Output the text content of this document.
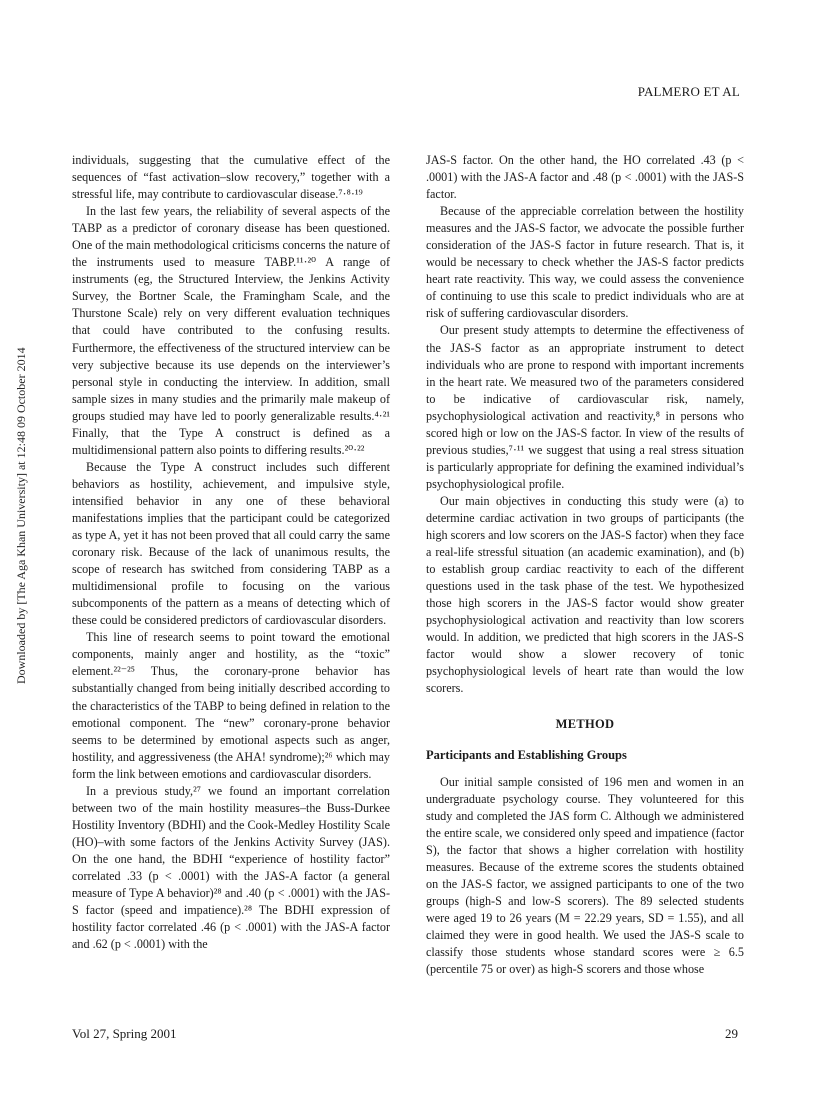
PALMERO ET AL
Downloaded by [The Aga Khan University] at 12:48 09 October 2014

individuals, suggesting that the cumulative effect of the sequences of “fast activation–slow recovery,” together with a stressful life, may contribute to cardiovascular disease.⁷·⁸·¹⁹

In the last few years, the reliability of several aspects of the TABP as a predictor of coronary disease has been questioned. One of the main methodological criticisms concerns the nature of the instruments used to measure TABP.¹¹·²⁰ A range of instruments (eg, the Structured Interview, the Jenkins Activity Survey, the Bortner Scale, the Framingham Scale, and the Thurstone Scale) rely on very different evaluation techniques that could have contributed to the confusing results. Furthermore, the effectiveness of the structured interview can be very subjective because its use depends on the interviewer’s personal style in conducting the interview. In addition, small sample sizes in many studies and the primarily male makeup of groups studied may have led to poorly generalizable results.⁴·²¹ Finally, that the Type A construct is defined as a multidimensional pattern also points to differing results.²⁰·²²

Because the Type A construct includes such different behaviors as hostility, achievement, and impulsive style, intensified behavior in any one of these behavioral manifestations implies that the participant could be categorized as type A, yet it has not been proved that all could carry the same coronary risk. Because of the lack of unanimous results, the scope of research has switched from considering TABP as a multidimensional profile to focusing on the various subcomponents of the pattern as a means of detecting which of these could be considered predictors of cardiovascular disorders.

This line of research seems to point toward the emotional components, mainly anger and hostility, as the “toxic” element.²²⁻²⁵ Thus, the coronary-prone behavior has substantially changed from being initially described according to the characteristics of the TABP to being defined in relation to the emotional component. The “new” coronary-prone behavior seems to be determined by emotional aspects such as anger, hostility, and aggressiveness (the AHA! syndrome);²⁶ which may form the link between emotions and cardiovascular disorders.

In a previous study,²⁷ we found an important correlation between two of the main hostility measures–the Buss-Durkee Hostility Inventory (BDHI) and the Cook-Medley Hostility Scale (HO)–with some factors of the Jenkins Activity Survey (JAS). On the one hand, the BDHI “experience of hostility factor” correlated .33 (p < .0001) with the JAS-A factor (a general measure of Type A behavior)²⁸ and .40 (p < .0001) with the JAS-S factor (speed and impatience).²⁸ The BDHI expression of hostility factor correlated .46 (p < .0001) with the JAS-A factor and .62 (p < .0001) with the

JAS-S factor. On the other hand, the HO correlated .43 (p < .0001) with the JAS-A factor and .48 (p < .0001) with the JAS-S factor.

Because of the appreciable correlation between the hostility measures and the JAS-S factor, we advocate the possible further consideration of the JAS-S factor in future research. That is, it would be necessary to check whether the JAS-S factor predicts heart rate reactivity. This way, we could assess the convenience of continuing to use this scale to predict individuals who are at risk of suffering cardiovascular disorders.

Our present study attempts to determine the effectiveness of the JAS-S factor as an appropriate instrument to detect individuals who are prone to respond with important increments in the heart rate. We measured two of the parameters considered to be indicative of cardiovascular risk, namely, psychophysiological activation and reactivity,⁸ in persons who scored high or low on the JAS-S factor. In view of the results of previous studies,⁷·¹¹ we suggest that using a real stress situation is particularly appropriate for defining the examined individual’s psychophysiological profile.

Our main objectives in conducting this study were (a) to determine cardiac activation in two groups of participants (the high scorers and low scorers on the JAS-S factor) when they face a real-life stressful situation (an academic examination), and (b) to establish group cardiac reactivity to each of the different questions used in the task phase of the test. We hypothesized those high scorers in the JAS-S factor would show greater psychophysiological activation and reactivity than low scorers would. In addition, we predicted that high scorers in the JAS-S factor would show a slower recovery of tonic psychophysiological levels of heart rate than would the low scorers.

METHOD
Participants and Establishing Groups

Our initial sample consisted of 196 men and women in an undergraduate psychology course. They volunteered for this study and completed the JAS form C. Although we administered the entire scale, we considered only speed and impatience (factor S), the factor that shows a higher correlation with hostility measures. Because of the extreme scores the students obtained on the JAS-S factor, we assigned participants to one of the two groups (high-S and low-S scorers). The 89 selected students were aged 19 to 26 years (M = 22.29 years, SD = 1.55), and all claimed they were in good health. We used the JAS-S scale to classify those students whose standard scores were ≥ 6.5 (percentile 75 or over) as high-S scorers and those whose

Vol 27, Spring 2001	29
